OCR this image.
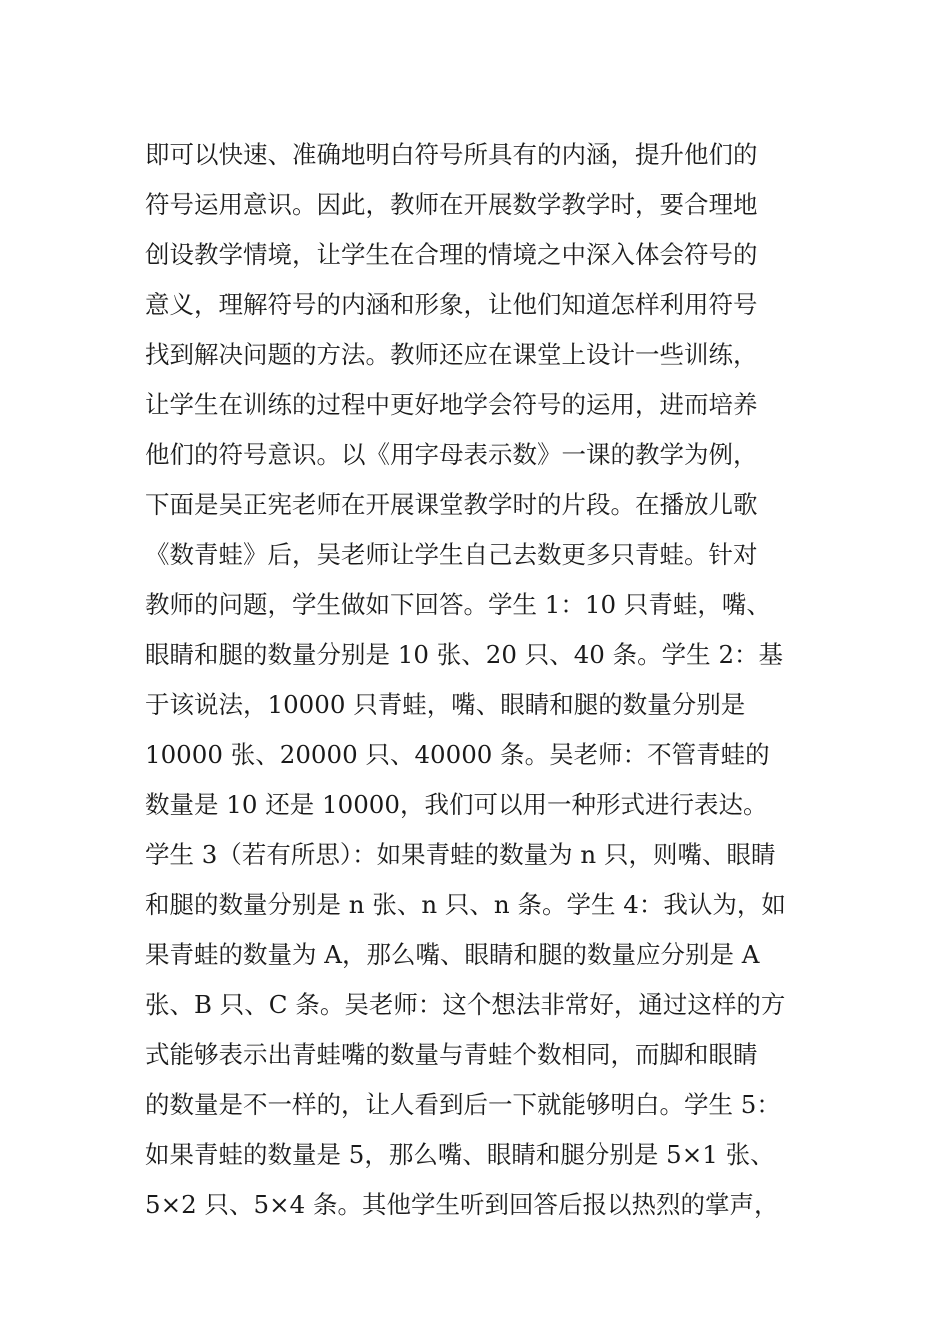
即可以快速、准确地明白符号所具有的内涵，提升他们的
符号运用意识。因此，教师在开展数学教学时，要合理地
创设教学情境，让学生在合理的情境之中深入体会符号的
意义，理解符号的内涵和形象，让他们知道怎样利用符号
找到解决问题的方法。教师还应在课堂上设计一些训练，
让学生在训练的过程中更好地学会符号的运用，进而培养
他们的符号意识。以《用字母表示数》一课的教学为例，
下面是吴正宪老师在开展课堂教学时的片段。在播放儿歌
《数青蛙》后，吴老师让学生自己去数更多只青蛙。针对
教师的问题，学生做如下回答。学生 1：10 只青蛙，嘴、
眼睛和腿的数量分别是 10 张、20 只、40 条。学生 2：基
于该说法，10000 只青蛙，嘴、眼睛和腿的数量分别是
10000 张、20000 只、40000 条。吴老师：不管青蛙的
数量是 10 还是 10000，我们可以用一种形式进行表达。
学生 3（若有所思）：如果青蛙的数量为 n 只，则嘴、眼睛
和腿的数量分别是 n 张、n 只、n 条。学生 4：我认为，如
果青蛙的数量为 A，那么嘴、眼睛和腿的数量应分别是 A
张、B 只、C 条。吴老师：这个想法非常好，通过这样的方
式能够表示出青蛙嘴的数量与青蛙个数相同，而脚和眼睛
的数量是不一样的，让人看到后一下就能够明白。学生 5：
如果青蛙的数量是 5，那么嘴、眼睛和腿分别是 5×1 张、
5×2 只、5×4 条。其他学生听到回答后报以热烈的掌声，
